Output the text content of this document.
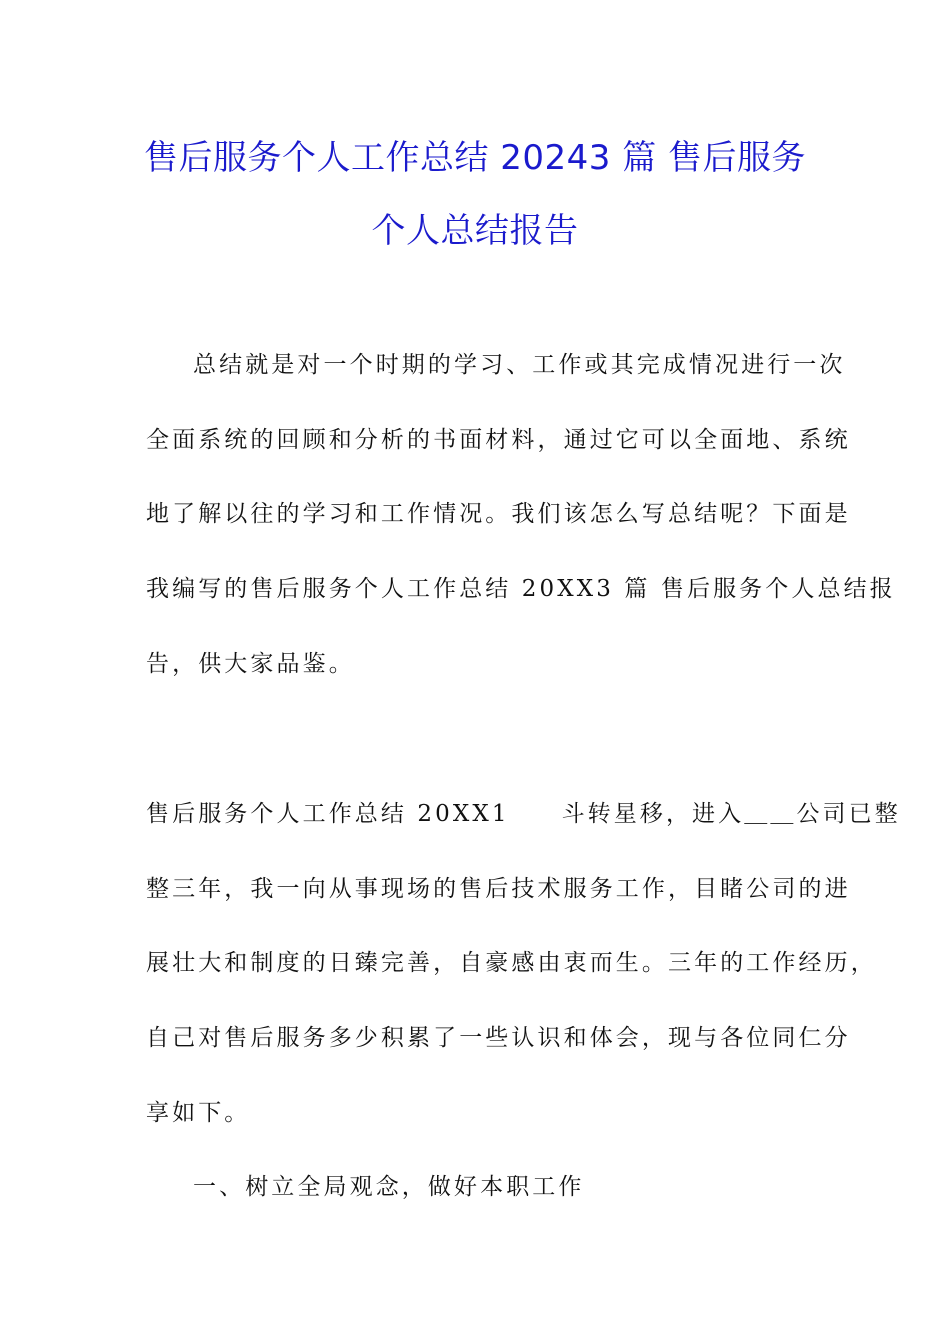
售后服务个人工作总结 20243 篇 售后服务
个人总结报告
总结就是对一个时期的学习、工作或其完成情况进行一次
全面系统的回顾和分析的书面材料，通过它可以全面地、系统
地了解以往的学习和工作情况。我们该怎么写总结呢？下面是
我编写的售后服务个人工作总结 20XX3 篇 售后服务个人总结报
告，供大家品鉴。
售后服务个人工作总结 20XX1 斗转星移，进入＿＿公司已整
整三年，我一向从事现场的售后技术服务工作，目睹公司的进
展壮大和制度的日臻完善，自豪感由衷而生。三年的工作经历，
自己对售后服务多少积累了一些认识和体会，现与各位同仁分
享如下。
一、树立全局观念，做好本职工作
